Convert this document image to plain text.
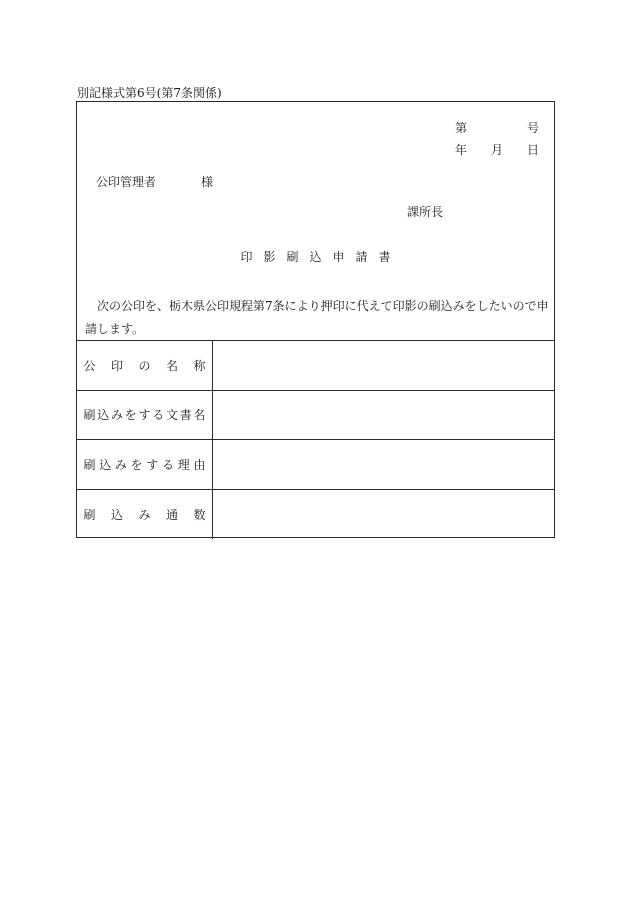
別記様式第6号(第7条関係)
第	号
年 月 日
公印管理者	様
課所長
印影刷込申請書
次の公印を、栃木県公印規程第7条により押印に代えて印影の刷込みをしたいので申請します。
公印の名称
刷込みをする文書名
刷込みをする理由
刷込み通数
